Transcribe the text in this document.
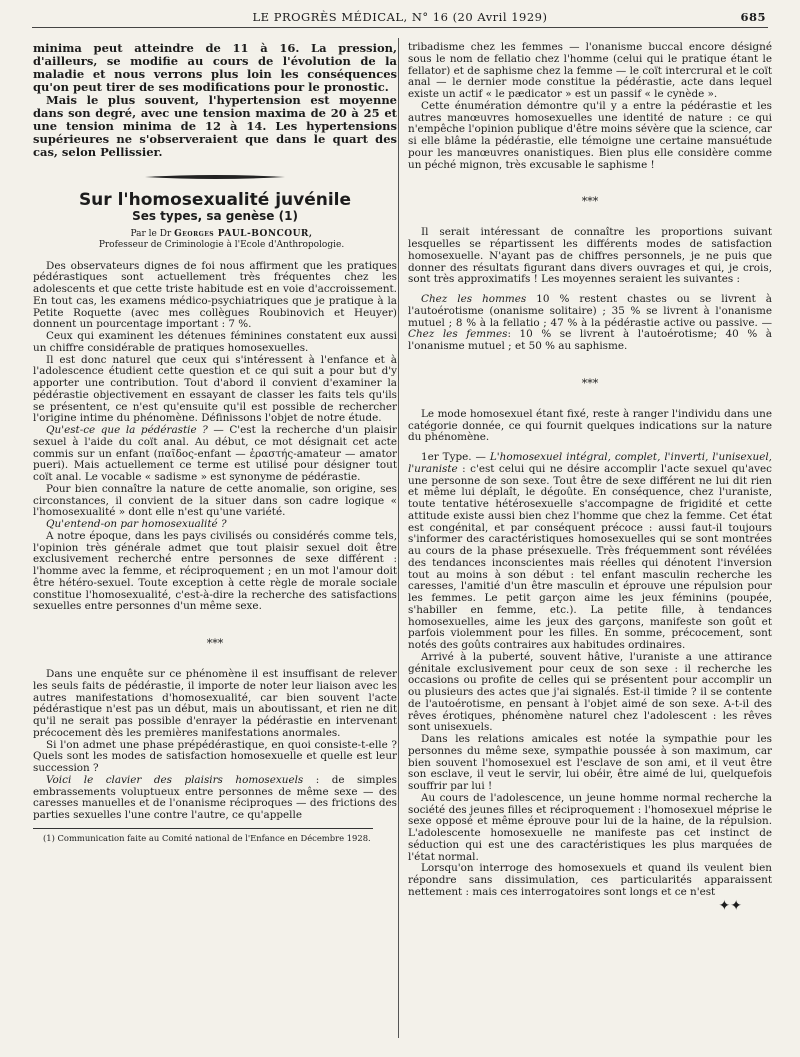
LE PROGRÈS MÉDICAL, N° 16 (20 Avril 1929)	685

minima peut atteindre de 11 à 16. La pression, d'ailleurs, se modifie au cours de l'évolution de la maladie et nous verrons plus loin les conséquences qu'on peut tirer de ses modifications pour le pronostic.

Mais le plus souvent, l'hypertension est moyenne dans son degré, avec une tension maxima de 20 à 25 et une tension minima de 12 à 14. Les hypertensions supérieures ne s'observeraient que dans le quart des cas, selon Pellissier.

Sur l'homosexualité juvénile
Ses types, sa genèse (1)

Par le Dr Georges PAUL-BONCOUR,

Professeur de Criminologie à l'Ecole d'Anthropologie.

Des observateurs dignes de foi nous affirment que les pratiques pédérastiques sont actuellement très fréquentes chez les adolescents et que cette triste habitude est en voie d'accroissement. En tout cas, les examens médico-psychiatriques que je pratique à la Petite Roquette (avec mes collègues Roubinovich et Heuyer) donnent un pourcentage important : 7 %.

Ceux qui examinent les détenues féminines constatent eux aussi un chiffre considérable de pratiques homosexuelles.

Il est donc naturel que ceux qui s'intéressent à l'enfance et à l'adolescence étudient cette question et ce qui suit a pour but d'y apporter une contribution. Tout d'abord il convient d'examiner la pédérastie objectivement en essayant de classer les faits tels qu'ils se présentent, ce n'est qu'ensuite qu'il est possible de rechercher l'origine intime du phénomène. Définissons l'objet de notre étude.

Qu'est-ce que la pédérastie ? — C'est la recherche d'un plaisir sexuel à l'aide du coït anal. Au début, ce mot désignait cet acte commis sur un enfant (παῖδος-enfant — ἐραστής-amateur — amator pueri). Mais actuellement ce terme est utilisé pour désigner tout coït anal. Le vocable « sadisme » est synonyme de pédérastie.

Pour bien connaître la nature de cette anomalie, son origine, ses circonstances, il convient de la situer dans son cadre logique « l'homosexualité » dont elle n'est qu'une variété.

Qu'entend-on par homosexualité ?

A notre époque, dans les pays civilisés ou considérés comme tels, l'opinion très générale admet que tout plaisir sexuel doit être exclusivement recherché entre personnes de sexe différent : l'homme avec la femme, et réciproquement ; en un mot l'amour doit être hétéro-sexuel. Toute exception à cette règle de morale sociale constitue l'homosexualité, c'est-à-dire la recherche des satisfactions sexuelles entre personnes d'un même sexe.

⁎⁎⁎

Dans une enquête sur ce phénomène il est insuffisant de relever les seuls faits de pédérastie, il importe de noter leur liaison avec les autres manifestations d'homosexualité, car bien souvent l'acte pédérastique n'est pas un début, mais un aboutissant, et rien ne dit qu'il ne serait pas possible d'enrayer la pédérastie en intervenant précocement dès les premières manifestations anormales.

Si l'on admet une phase prépédérastique, en quoi consiste-t-elle ? Quels sont les modes de satisfaction homosexuelle et quelle est leur succession ?

Voici le clavier des plaisirs homosexuels : de simples embrassements voluptueux entre personnes de même sexe — des caresses manuelles et de l'onanisme réciproques — des frictions des parties sexuelles l'une contre l'autre, ce qu'appelle

(1) Communication faite au Comité national de l'Enfance en Décembre 1928.

tribadisme chez les femmes — l'onanisme buccal encore désigné sous le nom de fellatio chez l'homme (celui qui le pratique étant le fellator) et de saphisme chez la femme — le coït intercrural et le coït anal — le dernier mode constitue la pédérastie, acte dans lequel existe un actif « le pædicator » est un passif « le cynède ».

Cette énumération démontre qu'il y a entre la pédérastie et les autres manœuvres homosexuelles une identité de nature : ce qui n'empêche l'opinion publique d'être moins sévère que la science, car si elle blâme la pédérastie, elle témoigne une certaine mansuétude pour les manœuvres onanistiques. Bien plus elle considère comme un péché mignon, très excusable le saphisme !

⁎⁎⁎

Il serait intéressant de connaître les proportions suivant lesquelles se répartissent les différents modes de satisfaction homosexuelle. N'ayant pas de chiffres personnels, je ne puis que donner des résultats figurant dans divers ouvrages et qui, je crois, sont très approximatifs ! Les moyennes seraient les suivantes :

Chez les hommes 10 % restent chastes ou se livrent à l'autoérotisme (onanisme solitaire) ; 35 % se livrent à l'onanisme mutuel ; 8 % à la fellatio ; 47 % à la pédérastie active ou passive. — Chez les femmes: 10 % se livrent à l'autoérotisme; 40 % à l'onanisme mutuel ; et 50 % au saphisme.

⁎⁎⁎

Le mode homosexuel étant fixé, reste à ranger l'individu dans une catégorie donnée, ce qui fournit quelques indications sur la nature du phénomène.

1er Type. — L'homosexuel intégral, complet, l'inverti, l'unisexuel, l'uraniste : c'est celui qui ne désire accomplir l'acte sexuel qu'avec une personne de son sexe. Tout être de sexe différent ne lui dit rien et même lui déplaît, le dégoûte. En conséquence, chez l'uraniste, toute tentative hétérosexuelle s'accompagne de frigidité et cette attitude existe aussi bien chez l'homme que chez la femme. Cet état est congénital, et par conséquent précoce : aussi faut-il toujours s'informer des caractéristiques homosexuelles qui se sont montrées au cours de la phase présexuelle. Très fréquemment sont révélées des tendances inconscientes mais réelles qui dénotent l'inversion tout au moins à son début : tel enfant masculin recherche les caresses, l'amitié d'un être masculin et éprouve une répulsion pour les femmes. Le petit garçon aime les jeux féminins (poupée, s'habiller en femme, etc.). La petite fille, à tendances homosexuelles, aime les jeux des garçons, manifeste son goût et parfois violemment pour les filles. En somme, précocement, sont notés des goûts contraires aux habitudes ordinaires.

Arrivé à la puberté, souvent hâtive, l'uraniste a une attirance génitale exclusivement pour ceux de son sexe : il recherche les occasions ou profite de celles qui se présentent pour accomplir un ou plusieurs des actes que j'ai signalés. Est-il timide ? il se contente de l'autoérotisme, en pensant à l'objet aimé de son sexe. A-t-il des rêves érotiques, phénomène naturel chez l'adolescent : les rêves sont unisexuels.

Dans les relations amicales est notée la sympathie pour les personnes du même sexe, sympathie poussée à son maximum, car bien souvent l'homosexuel est l'esclave de son ami, et il veut être son esclave, il veut le servir, lui obéir, être aimé de lui, quelquefois souffrir par lui !

Au cours de l'adolescence, un jeune homme normal recherche la société des jeunes filles et réciproquement : l'homosexuel méprise le sexe opposé et même éprouve pour lui de la haine, de la répulsion. L'adolescente homosexuelle ne manifeste pas cet instinct de séduction qui est une des caractéristiques les plus marquées de l'état normal.

Lorsqu'on interroge des homosexuels et quand ils veulent bien répondre sans dissimulation, ces particularités apparaissent nettement : mais ces interrogatoires sont longs et ce n'est

✦✦
